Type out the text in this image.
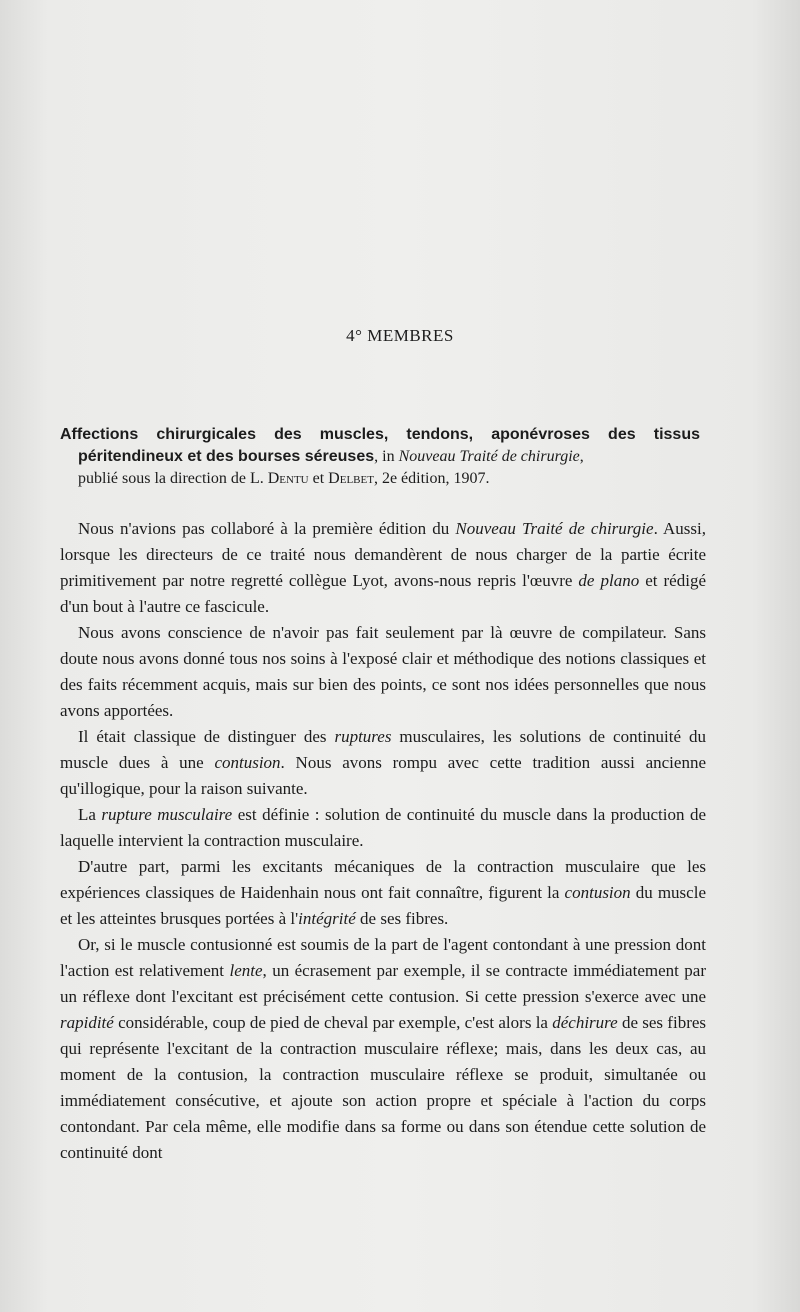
4° MEMBRES
Affections chirurgicales des muscles, tendons, aponévroses des tissus
péritendineux et des bourses séreuses, in Nouveau Traité de chirurgie,
publié sous la direction de L. Dentu et Delbet, 2e édition, 1907.

Nous n'avions pas collaboré à la première édition du Nouveau Traité de chirurgie. Aussi, lorsque les directeurs de ce traité nous demandèrent de nous charger de la partie écrite primitivement par notre regretté collègue Lyot, avons-nous repris l'œuvre de plano et rédigé d'un bout à l'autre ce fascicule.

Nous avons conscience de n'avoir pas fait seulement par là œuvre de compilateur. Sans doute nous avons donné tous nos soins à l'exposé clair et méthodique des notions classiques et des faits récemment acquis, mais sur bien des points, ce sont nos idées personnelles que nous avons apportées.

Il était classique de distinguer des ruptures musculaires, les solutions de continuité du muscle dues à une contusion. Nous avons rompu avec cette tradition aussi ancienne qu'illogique, pour la raison suivante.

La rupture musculaire est définie : solution de continuité du muscle dans la production de laquelle intervient la contraction musculaire.

D'autre part, parmi les excitants mécaniques de la contraction musculaire que les expériences classiques de Haidenhain nous ont fait connaître, figurent la contusion du muscle et les atteintes brusques portées à l'intégrité de ses fibres.

Or, si le muscle contusionné est soumis de la part de l'agent contondant à une pression dont l'action est relativement lente, un écrasement par exemple, il se contracte immédiatement par un réflexe dont l'excitant est précisément cette contusion. Si cette pression s'exerce avec une rapidité considérable, coup de pied de cheval par exemple, c'est alors la déchirure de ses fibres qui représente l'excitant de la contraction musculaire réflexe; mais, dans les deux cas, au moment de la contusion, la contraction musculaire réflexe se produit, simultanée ou immédiatement consécutive, et ajoute son action propre et spéciale à l'action du corps contondant. Par cela même, elle modifie dans sa forme ou dans son étendue cette solution de continuité dont
